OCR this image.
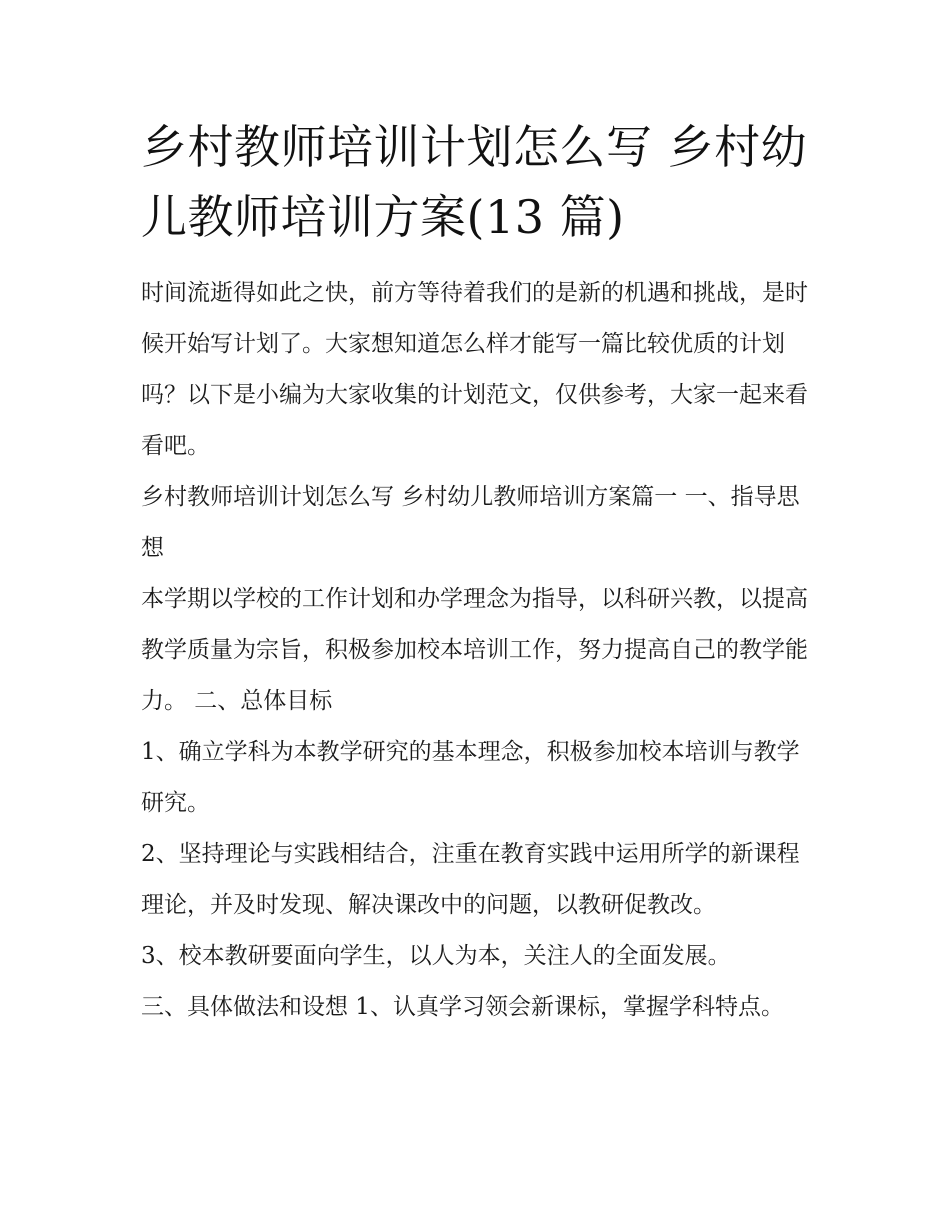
乡村教师培训计划怎么写 乡村幼儿教师培训方案(13 篇)

时间流逝得如此之快，前方等待着我们的是新的机遇和挑战，是时候开始写计划了。大家想知道怎么样才能写一篇比较优质的计划吗？以下是小编为大家收集的计划范文，仅供参考，大家一起来看看吧。

乡村教师培训计划怎么写 乡村幼儿教师培训方案篇一 一、指导思想

本学期以学校的工作计划和办学理念为指导，以科研兴教，以提高教学质量为宗旨，积极参加校本培训工作，努力提高自己的教学能力。 二、总体目标

1、确立学科为本教学研究的基本理念，积极参加校本培训与教学研究。

2、坚持理论与实践相结合，注重在教育实践中运用所学的新课程理论，并及时发现、解决课改中的问题，以教研促教改。

3、校本教研要面向学生，以人为本，关注人的全面发展。

三、具体做法和设想 1、认真学习领会新课标，掌握学科特点。
